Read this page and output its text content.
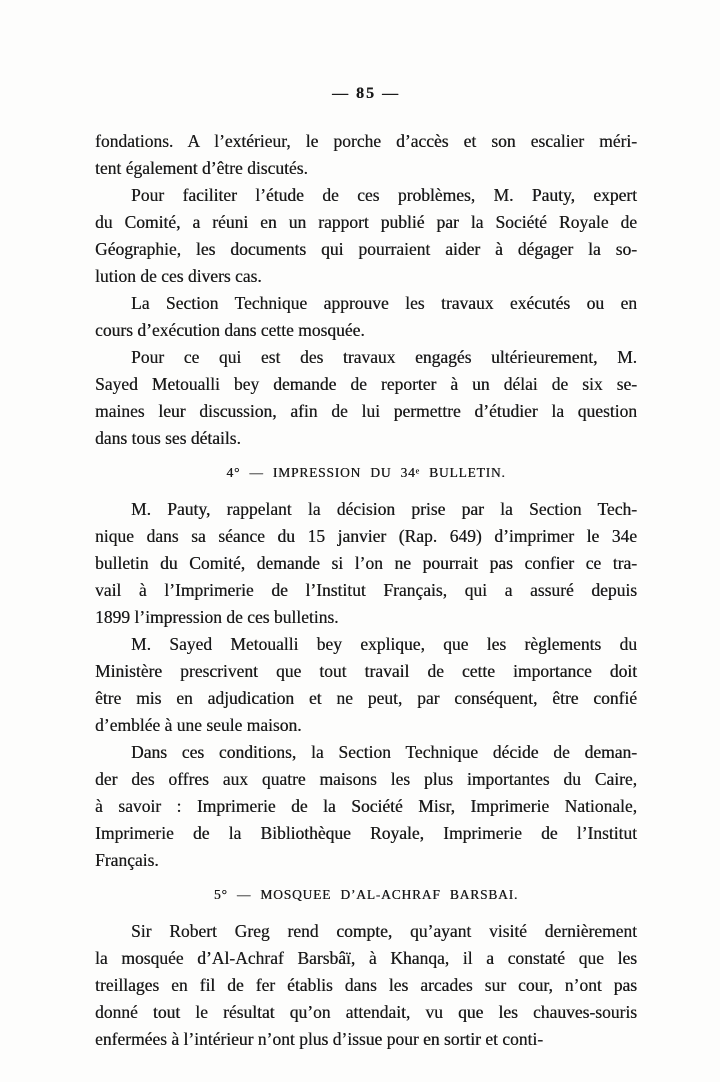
— 85 —
fondations. A l’extérieur, le porche d’accès et son escalier méri-
tent également d’être discutés.
Pour faciliter l’étude de ces problèmes, M. Pauty, expert
du Comité, a réuni en un rapport publié par la Société Royale de
Géographie, les documents qui pourraient aider à dégager la so-
lution de ces divers cas.
La Section Technique approuve les travaux exécutés ou en
cours d’exécution dans cette mosquée.
Pour ce qui est des travaux engagés ultérieurement, M.
Sayed Metoualli bey demande de reporter à un délai de six se-
maines leur discussion, afin de lui permettre d’étudier la question
dans tous ses détails.
4° — IMPRESSION DU 34ᵉ BULLETIN.
M. Pauty, rappelant la décision prise par la Section Tech-
nique dans sa séance du 15 janvier (Rap. 649) d’imprimer le 34e
bulletin du Comité, demande si l’on ne pourrait pas confier ce tra-
vail à l’Imprimerie de l’Institut Français, qui a assuré depuis
1899 l’impression de ces bulletins.
M. Sayed Metoualli bey explique, que les règlements du
Ministère prescrivent que tout travail de cette importance doit
être mis en adjudication et ne peut, par conséquent, être confié
d’emblée à une seule maison.
Dans ces conditions, la Section Technique décide de deman-
der des offres aux quatre maisons les plus importantes du Caire,
à savoir : Imprimerie de la Société Misr, Imprimerie Nationale,
Imprimerie de la Bibliothèque Royale, Imprimerie de l’Institut
Français.
5° — MOSQUEE D’AL-ACHRAF BARSBAI.
Sir Robert Greg rend compte, qu’ayant visité dernièrement
la mosquée d’Al-Achraf Barsbâï, à Khanqa, il a constaté que les
treillages en fil de fer établis dans les arcades sur cour, n’ont pas
donné tout le résultat qu’on attendait, vu que les chauves-souris
enfermées à l’intérieur n’ont plus d’issue pour en sortir et conti-
